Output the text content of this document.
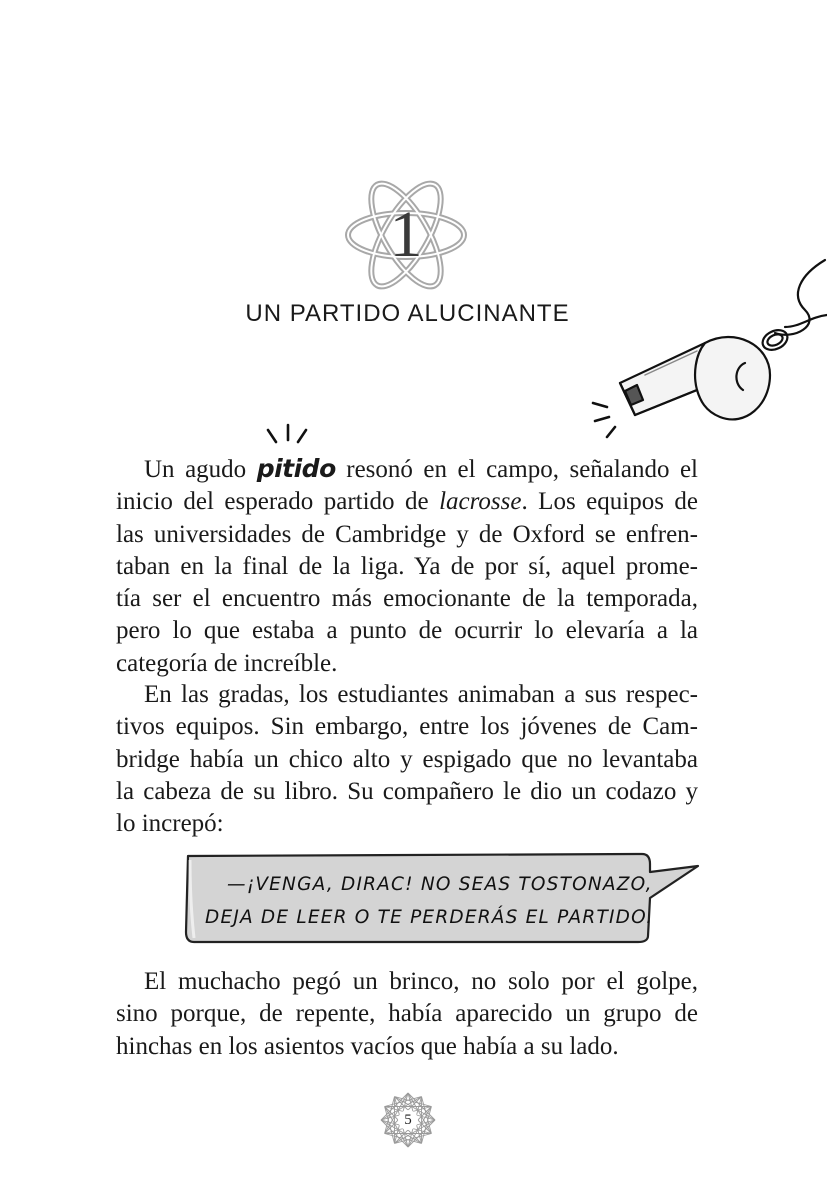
1
UN PARTIDO ALUCINANTE
Un agudo pitido resonó en el campo, señalando el
inicio del esperado partido de lacrosse. Los equipos de
las universidades de Cambridge y de Oxford se enfren-
taban en la final de la liga. Ya de por sí, aquel prome-
tía ser el encuentro más emocionante de la temporada,
pero lo que estaba a punto de ocurrir lo elevaría a la
categoría de increíble.
En las gradas, los estudiantes animaban a sus respec-
tivos equipos. Sin embargo, entre los jóvenes de Cam-
bridge había un chico alto y espigado que no levantaba
la cabeza de su libro. Su compañero le dio un codazo y
lo increpó:
—¡VENGA, DIRAC! NO SEAS TOSTONAZO,
DEJA DE LEER O TE PERDERÁS EL PARTIDO.
El muchacho pegó un brinco, no solo por el golpe,
sino porque, de repente, había aparecido un grupo de
hinchas en los asientos vacíos que había a su lado.
5
